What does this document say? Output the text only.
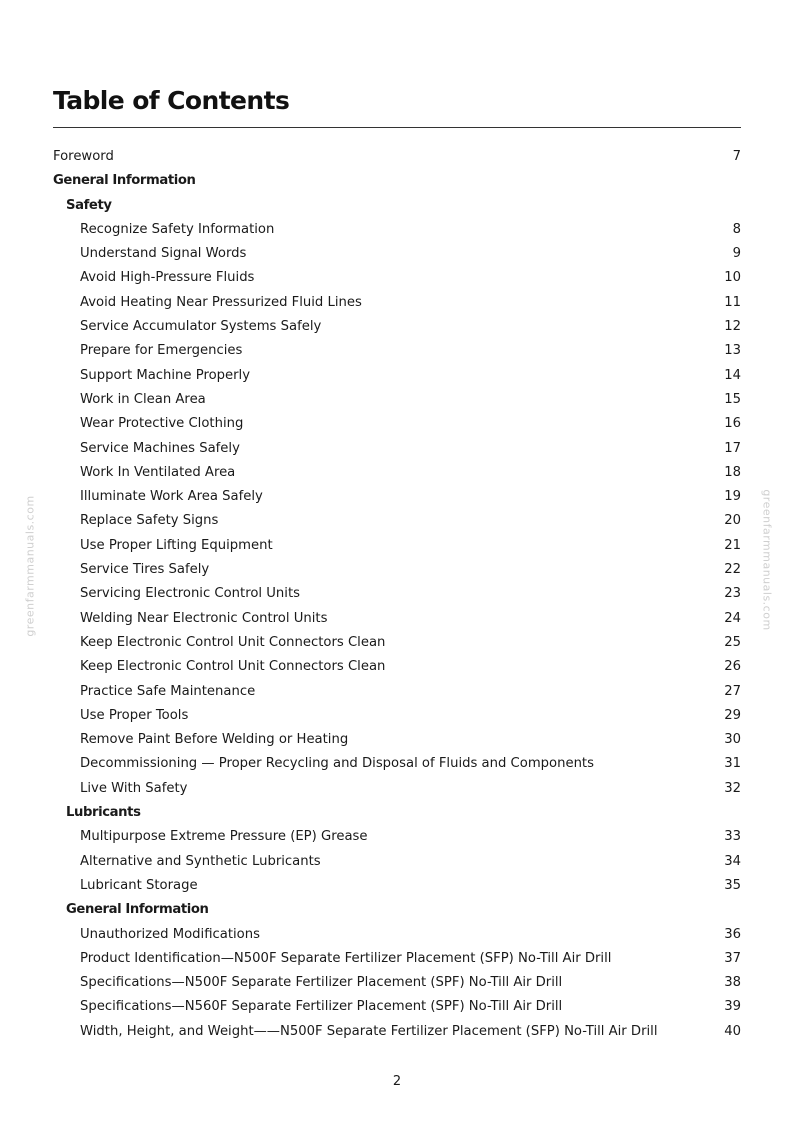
Table of Contents
Foreword	7
General Information
Safety
Recognize Safety Information	8
Understand Signal Words	9
Avoid High-Pressure Fluids	10
Avoid Heating Near Pressurized Fluid Lines	11
Service Accumulator Systems Safely	12
Prepare for Emergencies	13
Support Machine Properly	14
Work in Clean Area	15
Wear Protective Clothing	16
Service Machines Safely	17
Work In Ventilated Area	18
Illuminate Work Area Safely	19
Replace Safety Signs	20
Use Proper Lifting Equipment	21
Service Tires Safely	22
Servicing Electronic Control Units	23
Welding Near Electronic Control Units	24
Keep Electronic Control Unit Connectors Clean	25
Keep Electronic Control Unit Connectors Clean	26
Practice Safe Maintenance	27
Use Proper Tools	29
Remove Paint Before Welding or Heating	30
Decommissioning — Proper Recycling and Disposal of Fluids and Components	31
Live With Safety	32
Lubricants
Multipurpose Extreme Pressure (EP) Grease	33
Alternative and Synthetic Lubricants	34
Lubricant Storage	35
General Information
Unauthorized Modifications	36
Product Identification—N500F Separate Fertilizer Placement (SFP) No-Till Air Drill	37
Specifications—N500F Separate Fertilizer Placement (SPF) No-Till Air Drill	38
Specifications—N560F Separate Fertilizer Placement (SPF) No-Till Air Drill	39
Width, Height, and Weight——N500F Separate Fertilizer Placement (SFP) No-Till Air Drill	40
greenfarmmanuals.com	greenfarmmanuals.com
2
